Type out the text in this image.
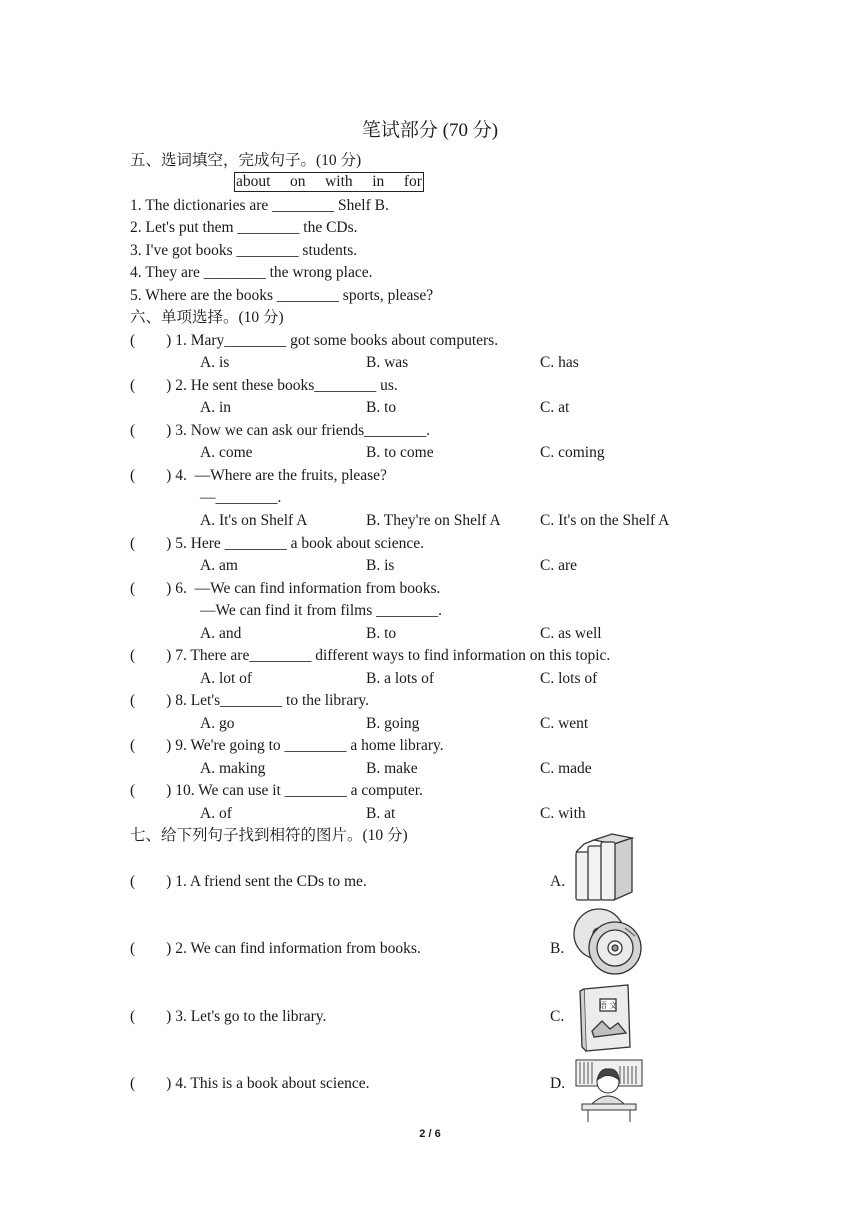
笔试部分 (70 分)
五、选词填空，完成句子。(10 分)
about on with in for
1. The dictionaries are ________ Shelf B.
2. Let's put them ________ the CDs.
3. I've got books ________ students.
4. They are ________ the wrong place.
5. Where are the books ________ sports, please?
六、单项选择。(10 分)
(        ) 1. Mary________ got some books about computers.
A. is	B. was	C. has
(        ) 2. He sent these books________ us.
A. in	B. to	C. at
(        ) 3. Now we can ask our friends________.
A. come	B. to come	C. coming
(        ) 4.  —Where are the fruits, please?
—________.
A. It's on Shelf A	B. They're on Shelf A	C. It's on the Shelf A
(        ) 5. Here ________ a book about science.
A. am	B. is	C. are
(        ) 6.  —We can find information from books.
—We can find it from films ________.
A. and	B. to	C. as well
(        ) 7. There are________ different ways to find information on this topic.
A. lot of	B. a lots of	C. lots of
(        ) 8. Let's________ to the library.
A. go	B. going	C. went
(        ) 9. We're going to ________ a home library.
A. making	B. make	C. made
(        ) 10. We can use it ________ a computer.
A. of	B. at	C. with
七、给下列句子找到相符的图片。(10 分)
(        ) 1. A friend sent the CDs to me.	A.
(        ) 2. We can find information from books.	B.
(        ) 3. Let's go to the library.	C.
(        ) 4. This is a book about science.	D.
语 文
2 / 6
